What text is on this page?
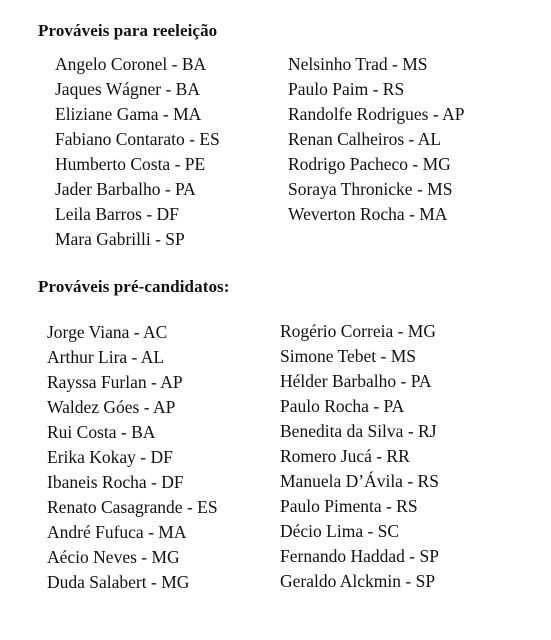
Prováveis para reeleição
Angelo Coronel - BA
Jaques Wágner - BA
Eliziane Gama - MA
Fabiano Contarato - ES
Humberto Costa - PE
Jader Barbalho - PA
Leila Barros - DF
Mara Gabrilli - SP
Nelsinho Trad - MS
Paulo Paim - RS
Randolfe Rodrigues - AP
Renan Calheiros - AL
Rodrigo Pacheco - MG
Soraya Thronicke - MS
Weverton Rocha - MA
Prováveis pré-candidatos:
Jorge Viana - AC
Arthur Lira - AL
Rayssa Furlan - AP
Waldez Góes - AP
Rui Costa - BA
Erika Kokay - DF
Ibaneis Rocha - DF
Renato Casagrande - ES
André Fufuca - MA
Aécio Neves - MG
Duda Salabert - MG
Rogério Correia - MG
Simone Tebet - MS
Hélder Barbalho - PA
Paulo Rocha - PA
Benedita da Silva - RJ
Romero Jucá - RR
Manuela D’Ávila - RS
Paulo Pimenta - RS
Décio Lima - SC
Fernando Haddad - SP
Geraldo Alckmin - SP
